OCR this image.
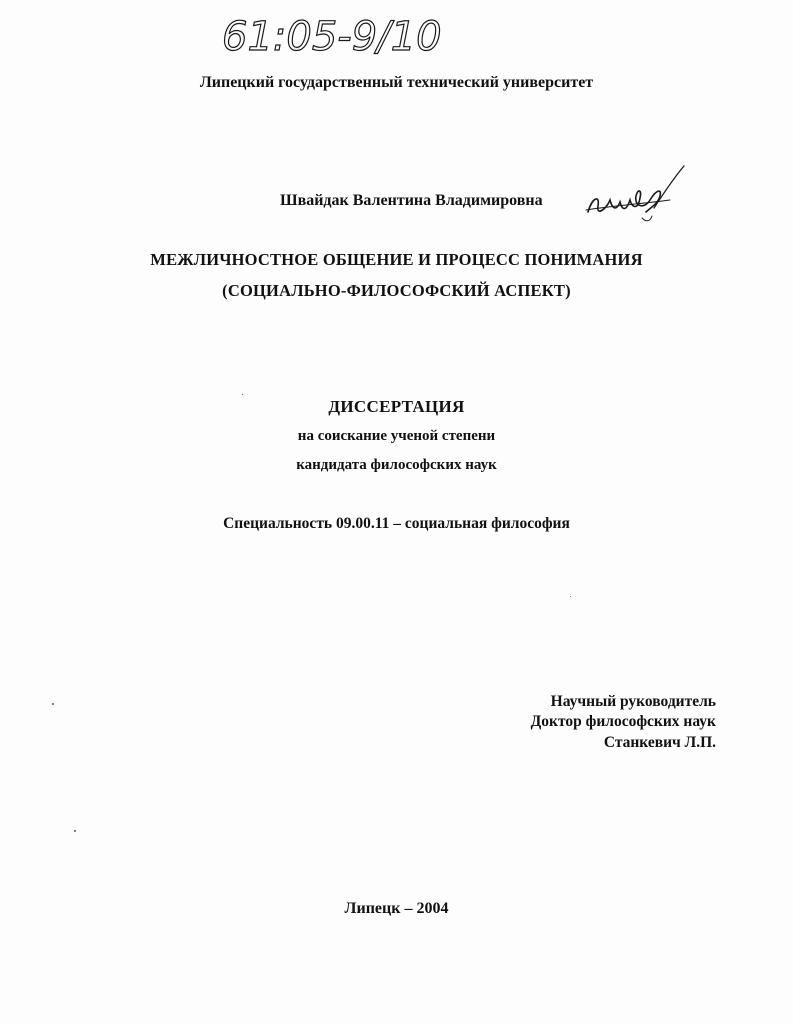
61:05-9/10
Липецкий государственный технический университет
Швайдак Валентина Владимировна
МЕЖЛИЧНОСТНОЕ ОБЩЕНИЕ И ПРОЦЕСС ПОНИМАНИЯ
(СОЦИАЛЬНО-ФИЛОСОФСКИЙ АСПЕКТ)
ДИССЕРТАЦИЯ
на соискание ученой степени
кандидата философских наук
Специальность 09.00.11 – социальная философия
Научный руководитель
Доктор философских наук
Станкевич Л.П.
Липецк – 2004
